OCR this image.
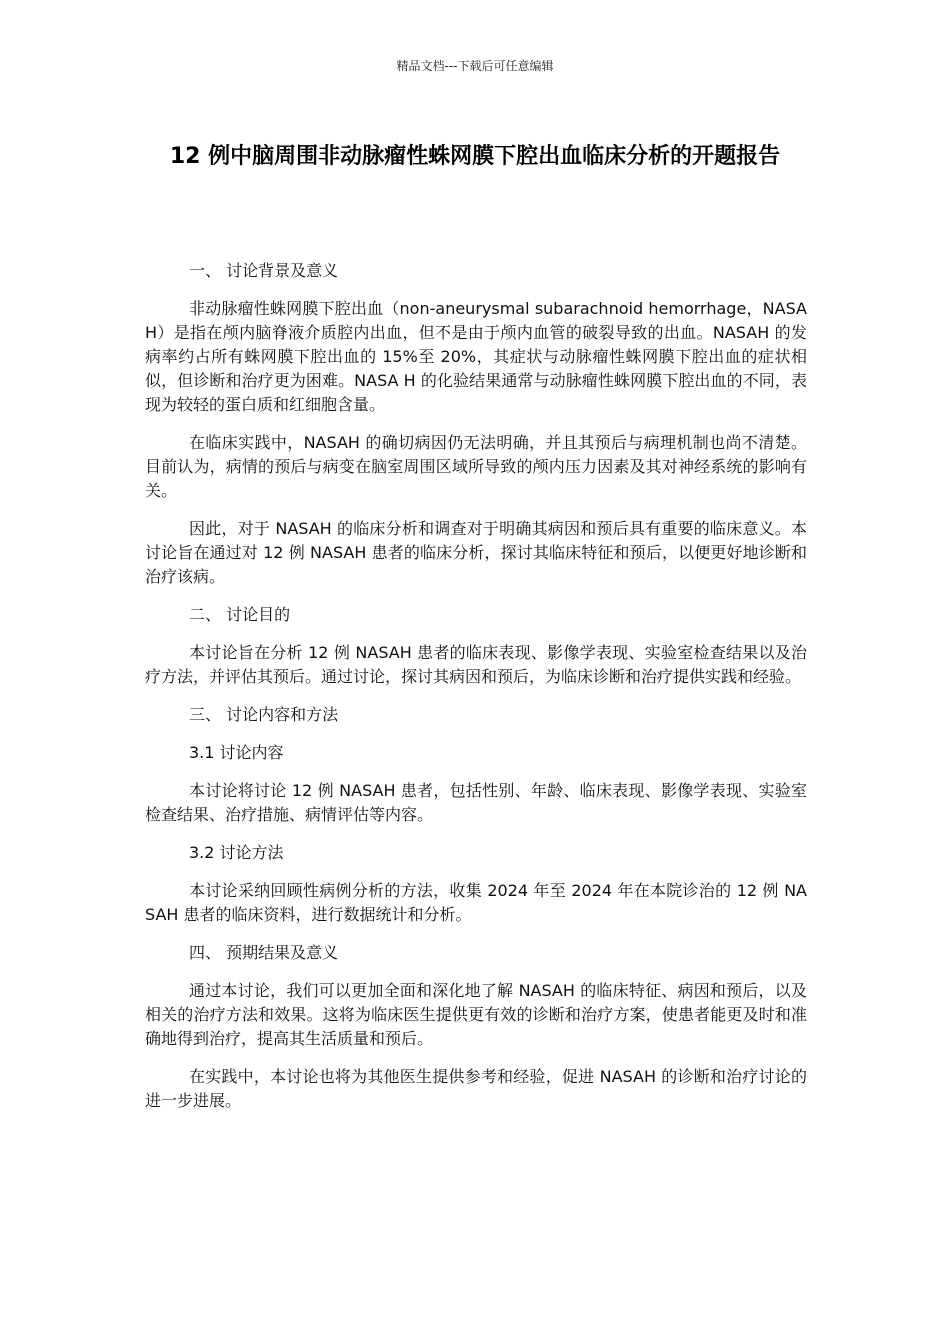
精品文档---下载后可任意编辑
12 例中脑周围非动脉瘤性蛛网膜下腔出血临床分析的开题报告

一、 讨论背景及意义

非动脉瘤性蛛网膜下腔出血（non-aneurysmal subarachnoid hemorrhage，NASAH）是指在颅内脑脊液介质腔内出血，但不是由于颅内血管的破裂导致的出血。NASAH 的发病率约占所有蛛网膜下腔出血的 15%至 20%，其症状与动脉瘤性蛛网膜下腔出血的症状相似，但诊断和治疗更为困难。NASA H 的化验结果通常与动脉瘤性蛛网膜下腔出血的不同，表现为较轻的蛋白质和红细胞含量。

在临床实践中，NASAH 的确切病因仍无法明确，并且其预后与病理机制也尚不清楚。目前认为，病情的预后与病变在脑室周围区域所导致的颅内压力因素及其对神经系统的影响有关。

因此，对于 NASAH 的临床分析和调查对于明确其病因和预后具有重要的临床意义。本讨论旨在通过对 12 例 NASAH 患者的临床分析，探讨其临床特征和预后，以便更好地诊断和治疗该病。

二、 讨论目的

本讨论旨在分析 12 例 NASAH 患者的临床表现、影像学表现、实验室检查结果以及治疗方法，并评估其预后。通过讨论，探讨其病因和预后，为临床诊断和治疗提供实践和经验。

三、 讨论内容和方法

3.1 讨论内容

本讨论将讨论 12 例 NASAH 患者，包括性别、年龄、临床表现、影像学表现、实验室检查结果、治疗措施、病情评估等内容。

3.2 讨论方法

本讨论采纳回顾性病例分析的方法，收集 2024 年至 2024 年在本院诊治的 12 例 NASAH 患者的临床资料，进行数据统计和分析。

四、 预期结果及意义

通过本讨论，我们可以更加全面和深化地了解 NASAH 的临床特征、病因和预后，以及相关的治疗方法和效果。这将为临床医生提供更有效的诊断和治疗方案，使患者能更及时和准确地得到治疗，提高其生活质量和预后。

在实践中，本讨论也将为其他医生提供参考和经验，促进 NASAH 的诊断和治疗讨论的进一步进展。
